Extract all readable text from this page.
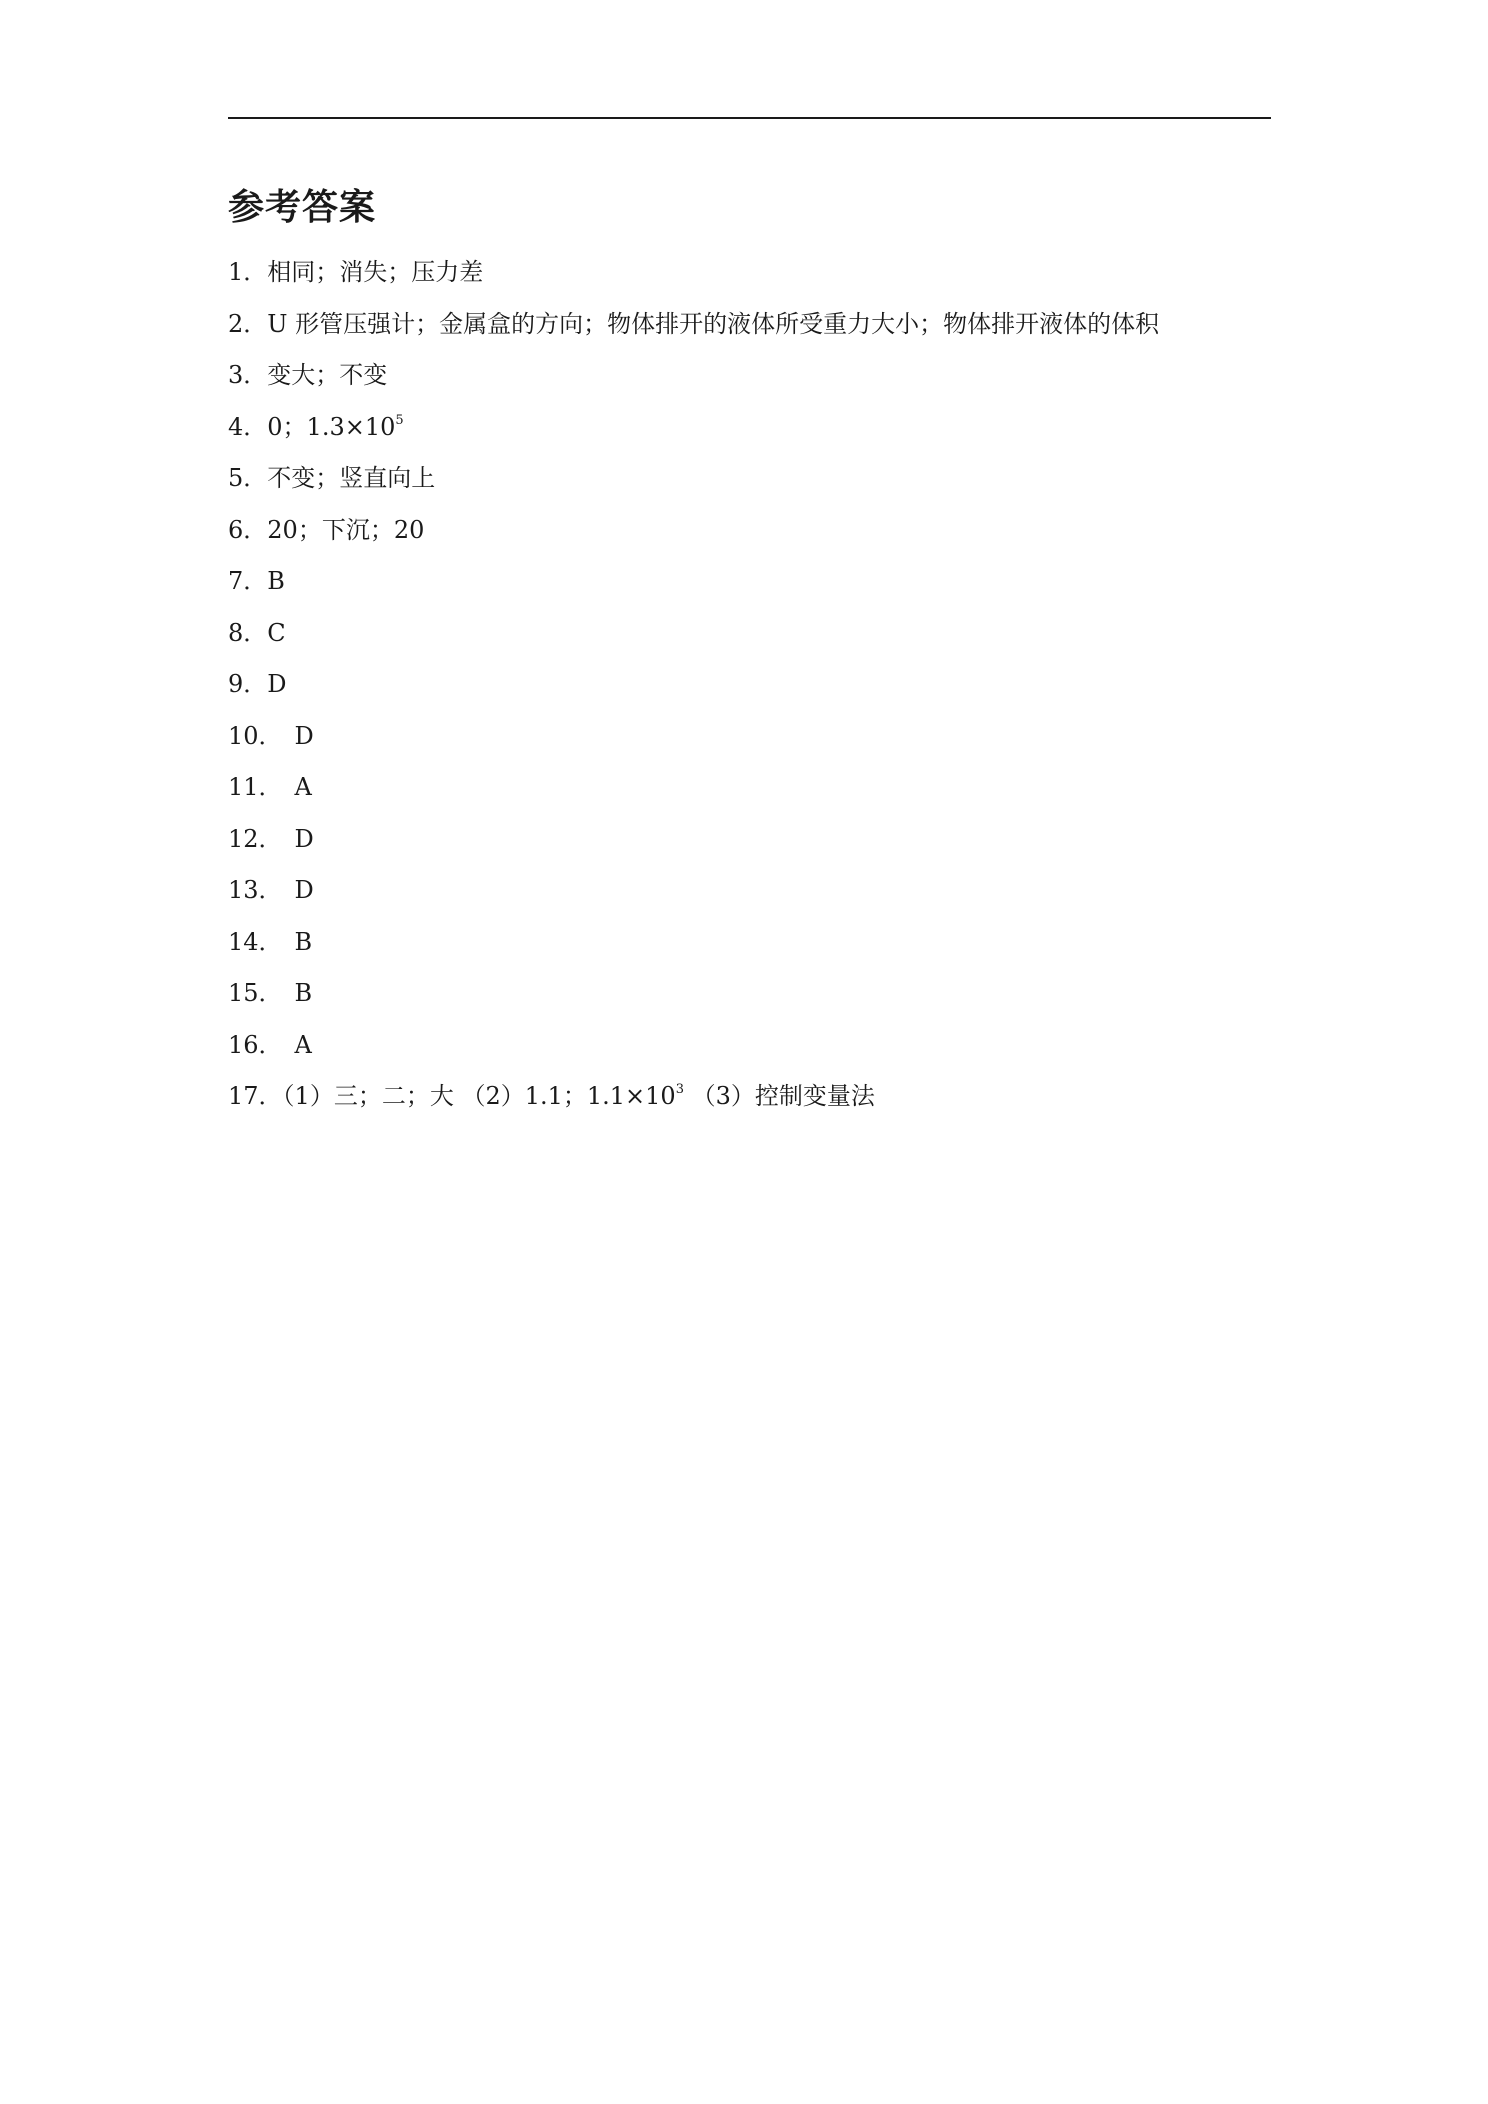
参考答案
1．相同；消失；压力差
2．U 形管压强计；金属盒的方向；物体排开的液体所受重力大小；物体排开液体的体积
3．变大；不变
4．0；$1.3\times 10^5$
5．不变；竖直向上
6．20；下沉；20
7．B
8．C
9．D
10． D
11． A
12． D
13． D
14． B
15． B
16． A
17．（1）三；二；大 （2）1.1；$1.1\times 10^3$ （3）控制变量法
